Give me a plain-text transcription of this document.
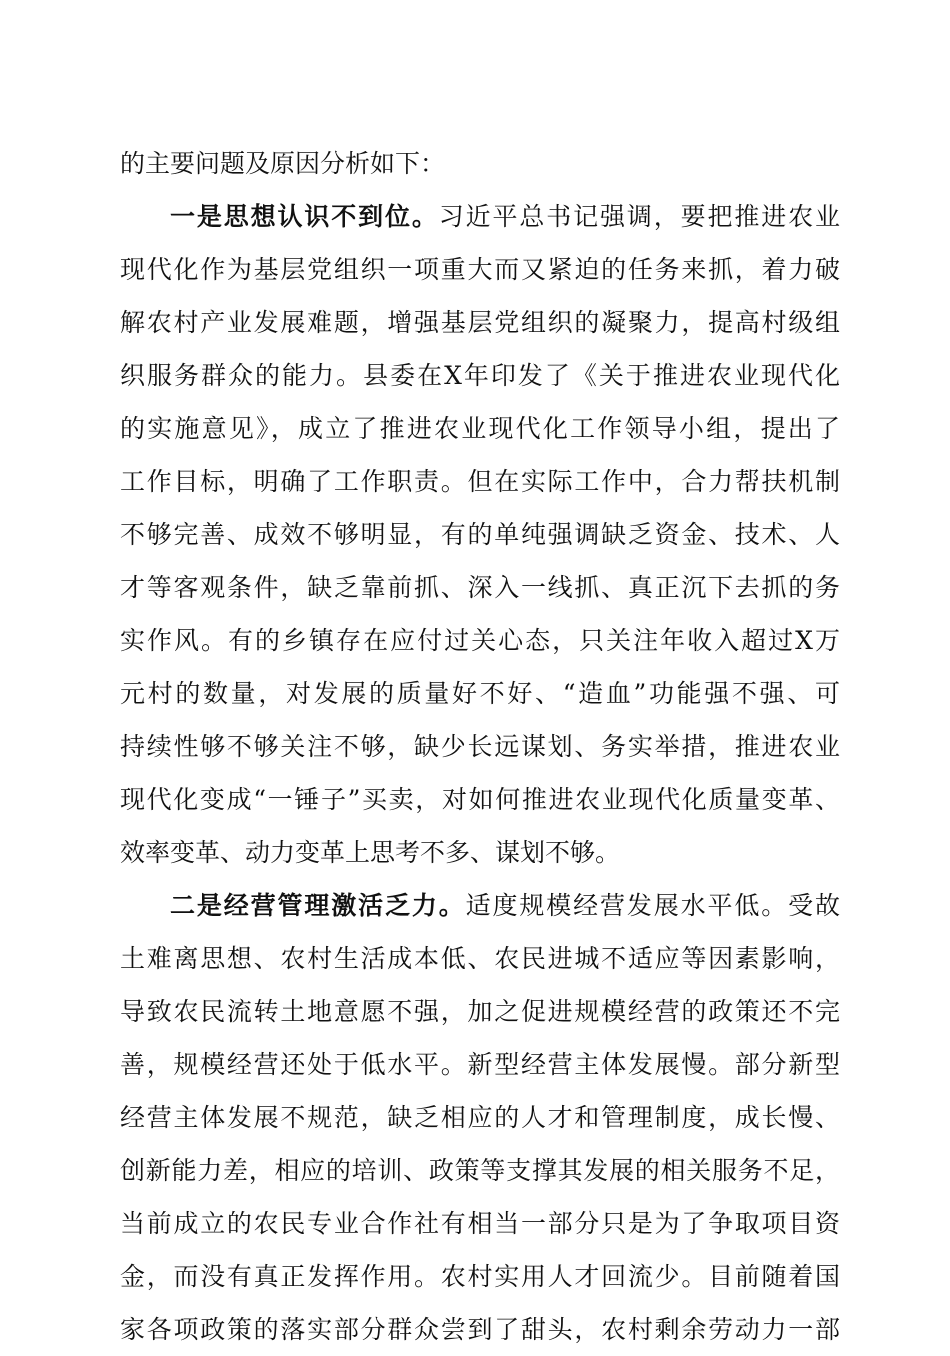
的主要问题及原因分析如下：
一是思想认识不到位。习近平总书记强调，要把推进农业
现代化作为基层党组织一项重大而又紧迫的任务来抓，着力破
解农村产业发展难题，增强基层党组织的凝聚力，提高村级组
织服务群众的能力。县委在X年印发了《关于推进农业现代化
的实施意见》，成立了推进农业现代化工作领导小组，提出了
工作目标，明确了工作职责。但在实际工作中，合力帮扶机制
不够完善、成效不够明显，有的单纯强调缺乏资金、技术、人
才等客观条件，缺乏靠前抓、深入一线抓、真正沉下去抓的务
实作风。有的乡镇存在应付过关心态，只关注年收入超过X万
元村的数量，对发展的质量好不好、“造血”功能强不强、可
持续性够不够关注不够，缺少长远谋划、务实举措，推进农业
现代化变成“一锤子”买卖，对如何推进农业现代化质量变革、
效率变革、动力变革上思考不多、谋划不够。
二是经营管理激活乏力。适度规模经营发展水平低。受故
土难离思想、农村生活成本低、农民进城不适应等因素影响，
导致农民流转土地意愿不强，加之促进规模经营的政策还不完
善，规模经营还处于低水平。新型经营主体发展慢。部分新型
经营主体发展不规范，缺乏相应的人才和管理制度，成长慢、
创新能力差，相应的培训、政策等支撑其发展的相关服务不足，
当前成立的农民专业合作社有相当一部分只是为了争取项目资
金，而没有真正发挥作用。农村实用人才回流少。目前随着国
家各项政策的落实部分群众尝到了甜头，农村剩余劳动力一部
